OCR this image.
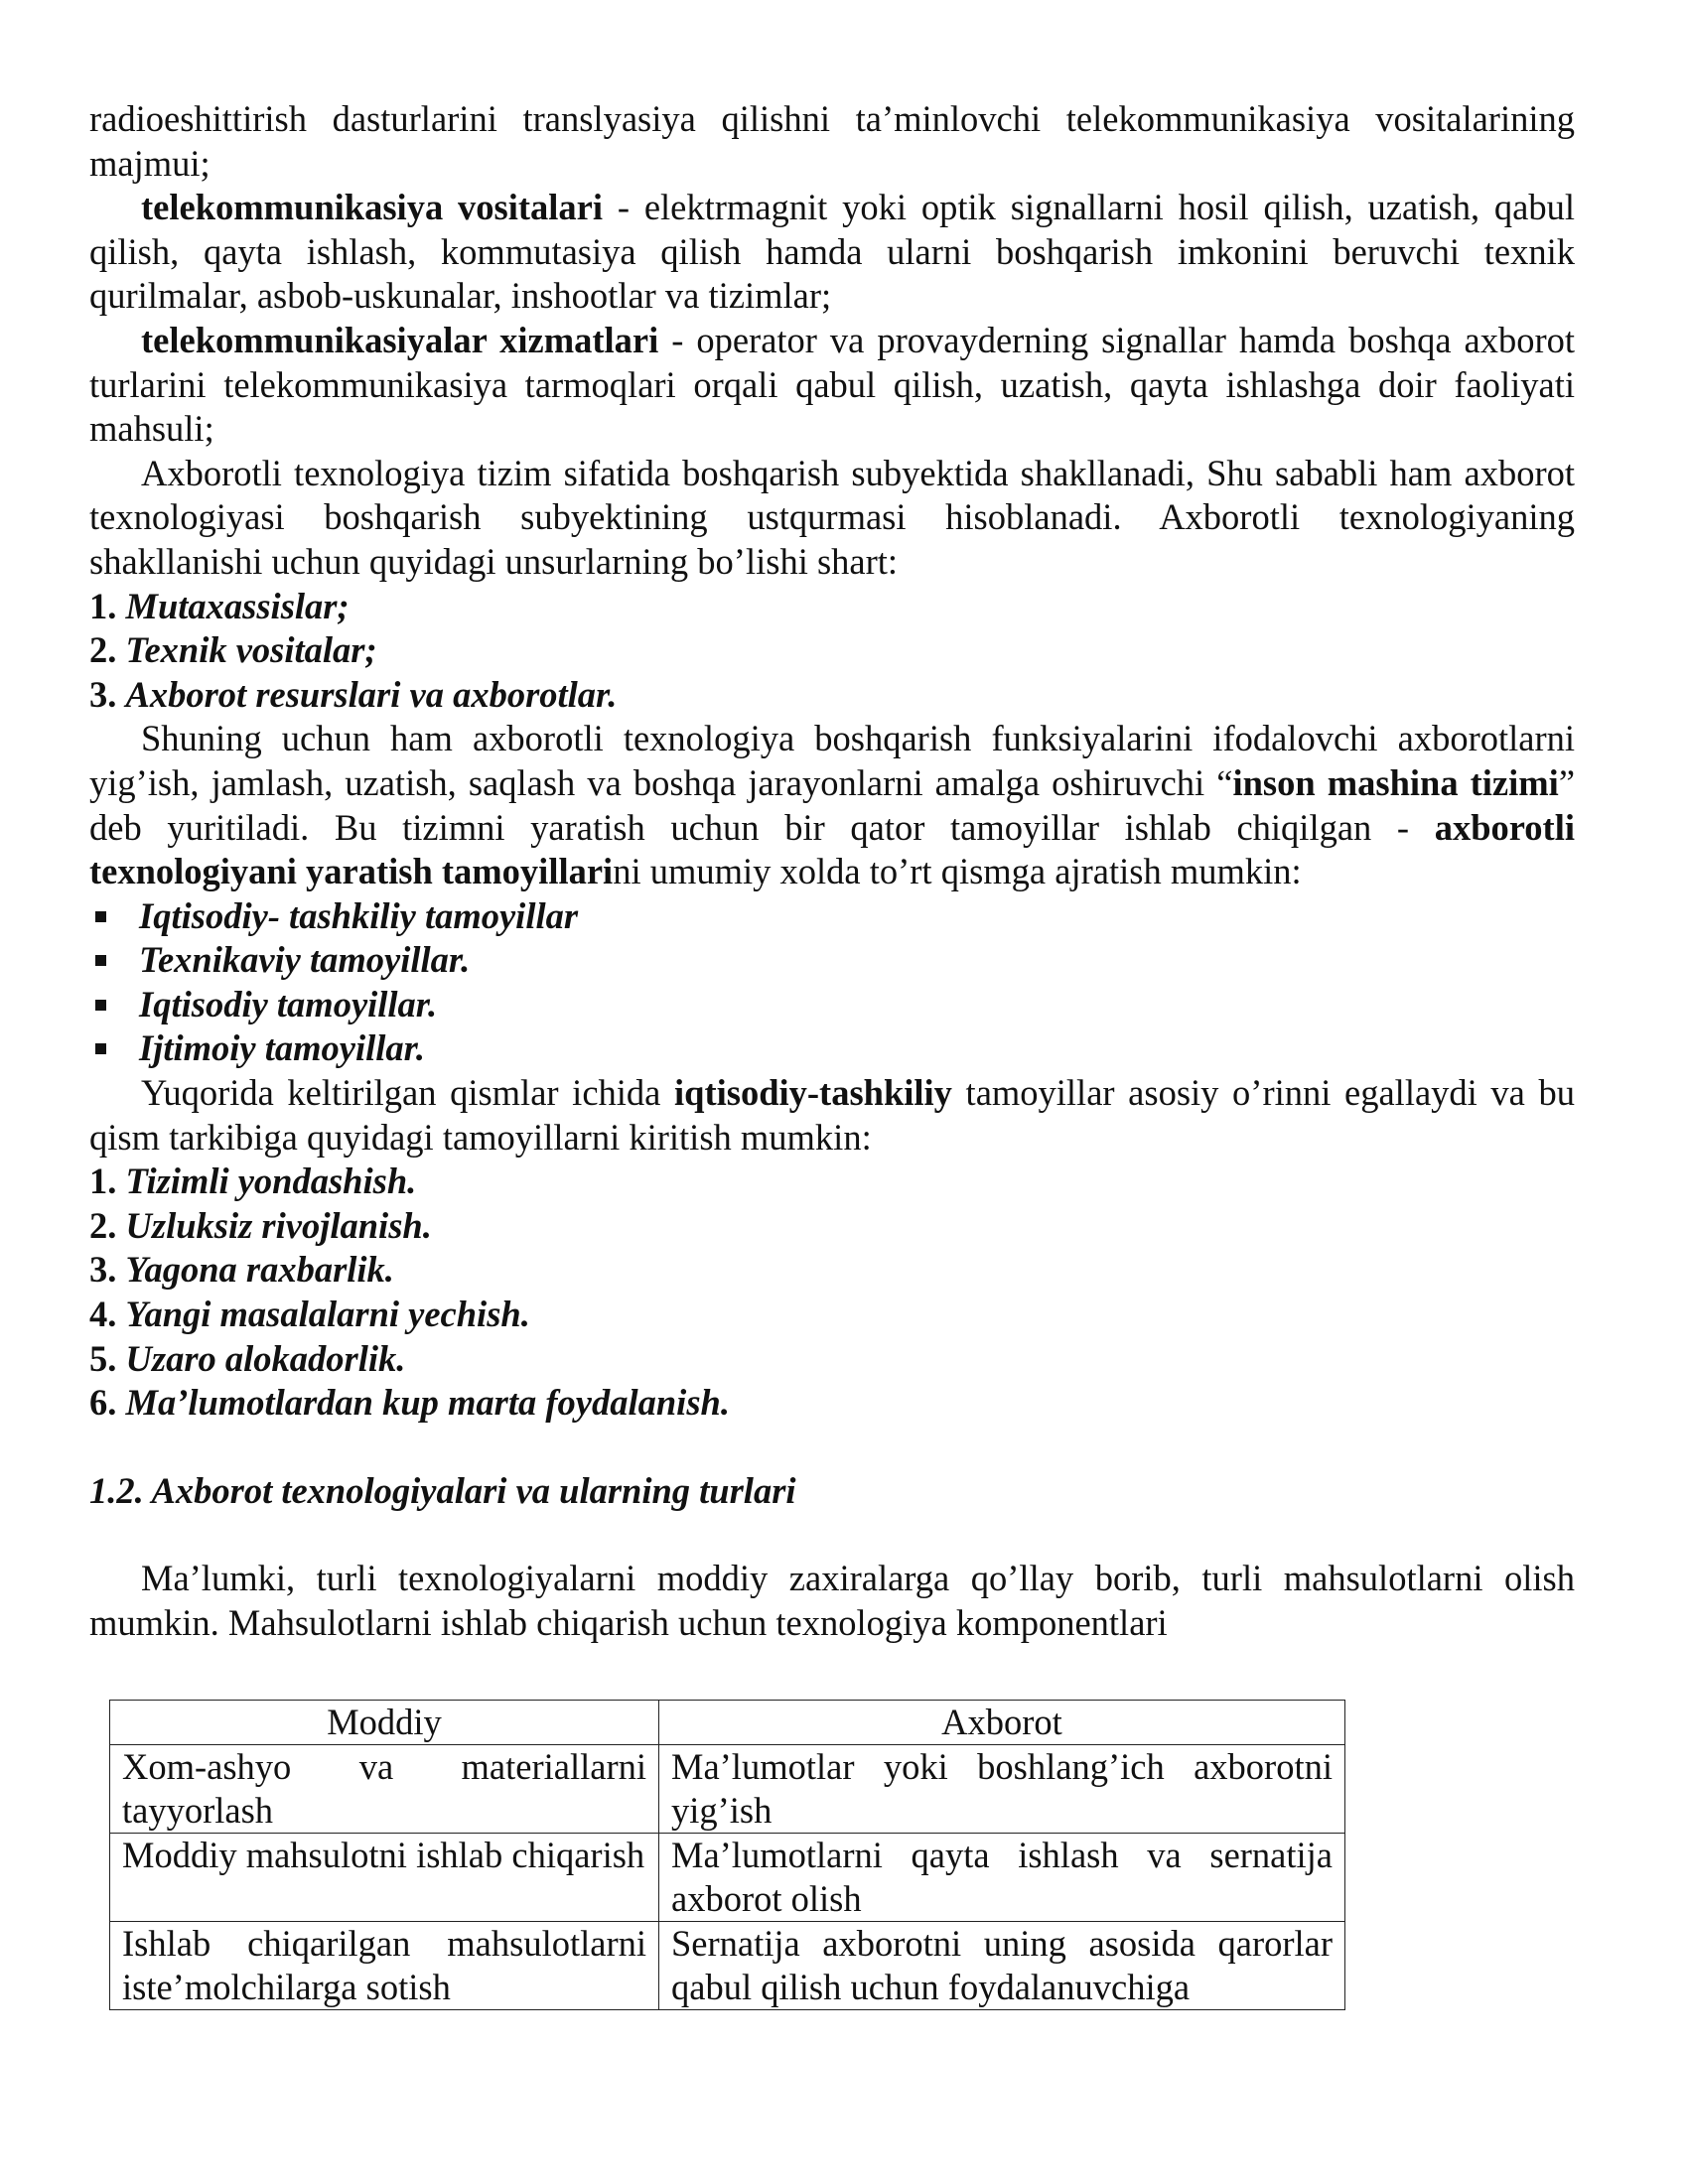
radioeshittirish dasturlarini translyasiya qilishni ta’minlovchi telekommunikasiya vositalarining majmui;

telekommunikasiya vositalari - elektrmagnit yoki optik signallarni hosil qilish, uzatish, qabul qilish, qayta ishlash, kommutasiya qilish hamda ularni boshqarish imkonini beruvchi texnik qurilmalar, asbob-uskunalar, inshootlar va tizimlar;

telekommunikasiyalar xizmatlari - operator va provayderning signallar hamda boshqa axborot turlarini telekommunikasiya tarmoqlari orqali qabul qilish, uzatish, qayta ishlashga doir faoliyati mahsuli;

Axborotli texnologiya tizim sifatida boshqarish subyektida shakllanadi, Shu sababli ham axborot texnologiyasi boshqarish subyektining ustqurmasi hisoblanadi. Axborotli texnologiyaning shakllanishi uchun quyidagi unsurlarning bo’lishi shart:

1. Mutaxassislar;

2. Texnik vositalar;

3. Axborot resurslari va axborotlar.

Shuning uchun ham axborotli texnologiya boshqarish funksiyalarini ifodalovchi axborotlarni yig’ish, jamlash, uzatish, saqlash va boshqa jarayonlarni amalga oshiruvchi “inson mashina tizimi” deb yuritiladi. Bu tizimni yaratish uchun bir qator tamoyillar ishlab chiqilgan - axborotli texnologiyani yaratish tamoyillarini umumiy xolda to’rt qismga ajratish mumkin:

Iqtisodiy- tashkiliy tamoyillar

Texnikaviy tamoyillar.

Iqtisodiy tamoyillar.

Ijtimoiy tamoyillar.

Yuqorida keltirilgan qismlar ichida iqtisodiy-tashkiliy tamoyillar asosiy o’rinni egallaydi va bu qism tarkibiga quyidagi tamoyillarni kiritish mumkin:

1. Tizimli yondashish.

2. Uzluksiz rivojlanish.

3. Yagona raxbarlik.

4. Yangi masalalarni yechish.

5. Uzaro alokadorlik.

6. Ma’lumotlardan kup marta foydalanish.

1.2. Axborot texnologiyalari va ularning turlari

Ma’lumki, turli texnologiyalarni moddiy zaxiralarga qo’llay borib, turli mahsulotlarni olish mumkin. Mahsulotlarni ishlab chiqarish uchun texnologiya komponentlari

Moddiy	Axborot
Xom-ashyo va materiallarni tayyorlash	Ma’lumotlar yoki boshlang’ich axborotni yig’ish
Moddiy mahsulotni ishlab chiqarish	Ma’lumotlarni qayta ishlash va sernatija axborot olish
Ishlab chiqarilgan mahsulotlarni iste’molchilarga sotish	Sernatija axborotni uning asosida qarorlar qabul qilish uchun foydalanuvchiga
